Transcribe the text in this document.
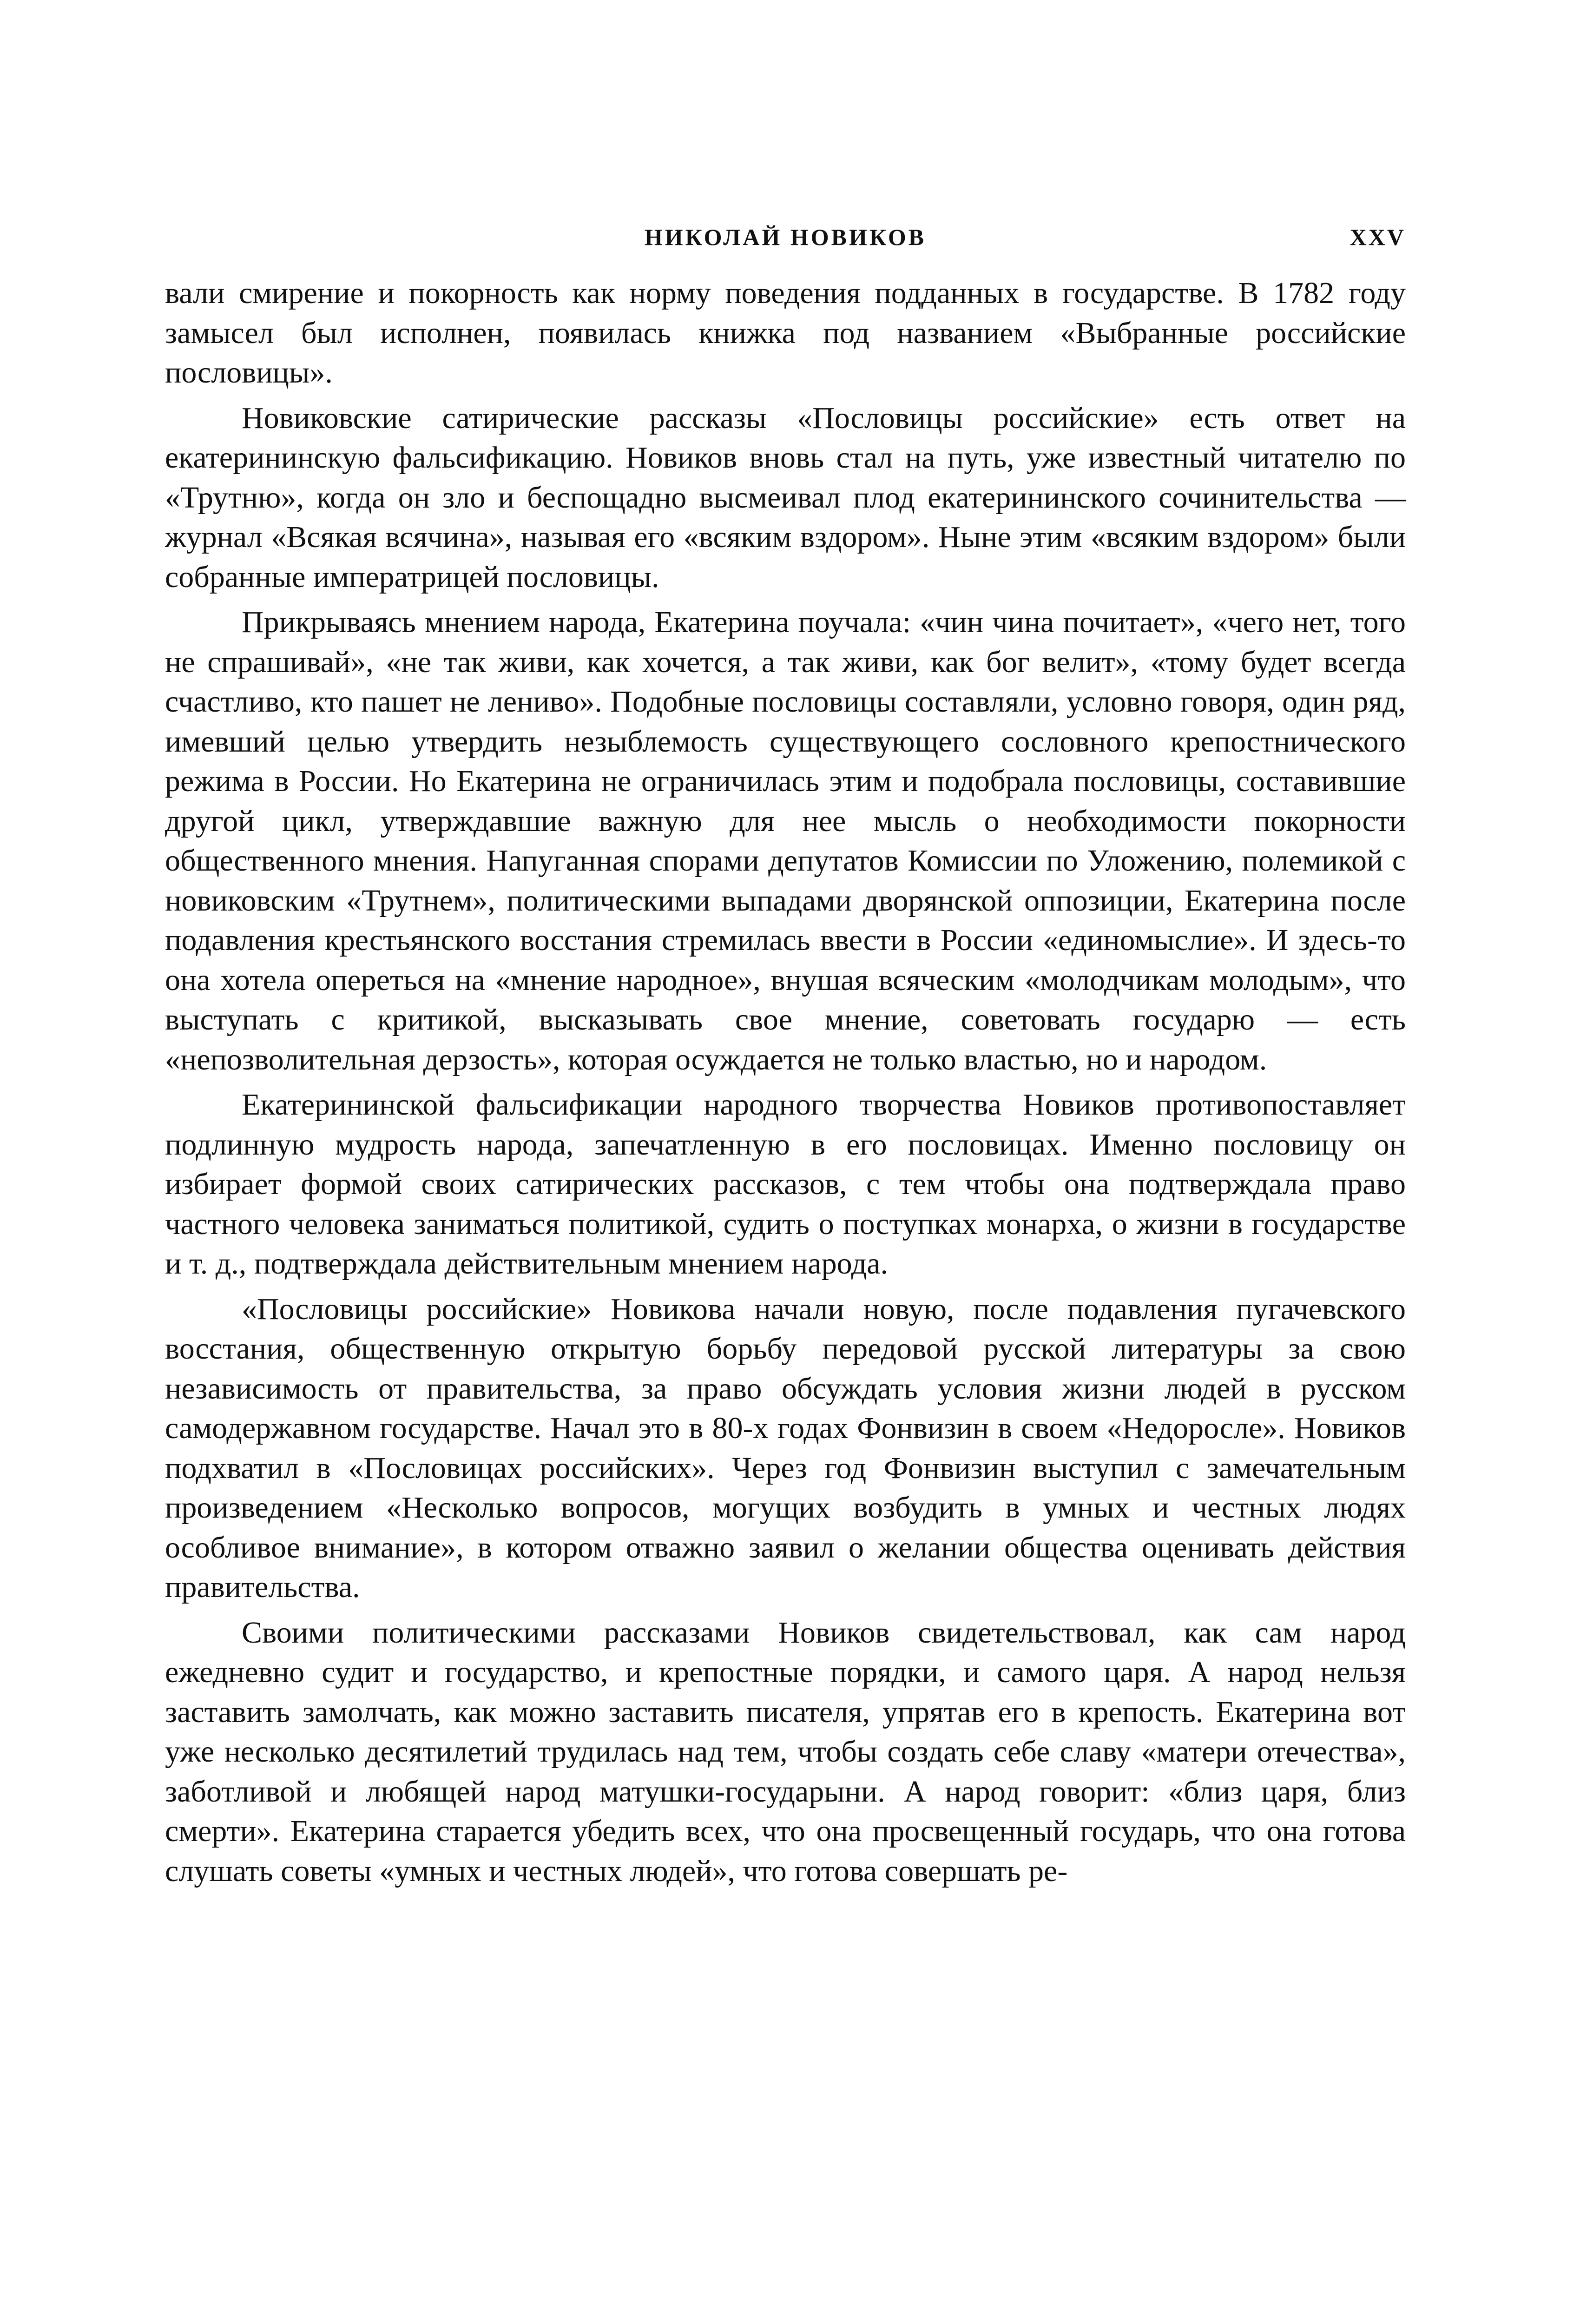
НИКОЛАЙ НОВИКОВ	XXV

вали смирение и покорность как норму поведения подданных в государстве. В 1782 году замысел был исполнен, появилась книжка под названием «Выбранные российские пословицы».

Новиковские сатирические рассказы «Пословицы российские» есть ответ на екатерининскую фальсификацию. Новиков вновь стал на путь, уже известный читателю по «Трутню», когда он зло и беспощадно высмеивал плод екатерининского сочинительства — журнал «Всякая всячина», называя его «всяким вздором». Ныне этим «всяким вздором» были собранные императрицей пословицы.

Прикрываясь мнением народа, Екатерина поучала: «чин чина почитает», «чего нет, того не спрашивай», «не так живи, как хочется, а так живи, как бог велит», «тому будет всегда счастливо, кто пашет не лениво». Подобные пословицы составляли, условно говоря, один ряд, имевший целью утвердить незыблемость существующего сословного крепостнического режима в России. Но Екатерина не ограничилась этим и подобрала пословицы, составившие другой цикл, утверждавшие важную для нее мысль о необходимости покорности общественного мнения. Напуганная спорами депутатов Комиссии по Уложению, полемикой с новиковским «Трутнем», политическими выпадами дворянской оппозиции, Екатерина после подавления крестьянского восстания стремилась ввести в России «единомыслие». И здесь-то она хотела опереться на «мнение народное», внушая всяческим «молодчикам молодым», что выступать с критикой, высказывать свое мнение, советовать государю — есть «непозволительная дерзость», которая осуждается не только властью, но и народом.

Екатерининской фальсификации народного творчества Новиков противопоставляет подлинную мудрость народа, запечатленную в его пословицах. Именно пословицу он избирает формой своих сатирических рассказов, с тем чтобы она подтверждала право частного человека заниматься политикой, судить о поступках монарха, о жизни в государстве и т. д., подтверждала действительным мнением народа.

«Пословицы российские» Новикова начали новую, после подавления пугачевского восстания, общественную открытую борьбу передовой русской литературы за свою независимость от правительства, за право обсуждать условия жизни людей в русском самодержавном государстве. Начал это в 80-х годах Фонвизин в своем «Недоросле». Новиков подхватил в «Пословицах российских». Через год Фонвизин выступил с замечательным произведением «Несколько вопросов, могущих возбудить в умных и честных людях особливое внимание», в котором отважно заявил о желании общества оценивать действия правительства.

Своими политическими рассказами Новиков свидетельствовал, как сам народ ежедневно судит и государство, и крепостные порядки, и самого царя. А народ нельзя заставить замолчать, как можно заставить писателя, упрятав его в крепость. Екатерина вот уже несколько десятилетий трудилась над тем, чтобы создать себе славу «матери отечества», заботливой и любящей народ матушки-государыни. А народ говорит: «близ царя, близ смерти». Екатерина старается убедить всех, что она просвещенный государь, что она готова слушать советы «умных и честных людей», что готова совершать ре-
